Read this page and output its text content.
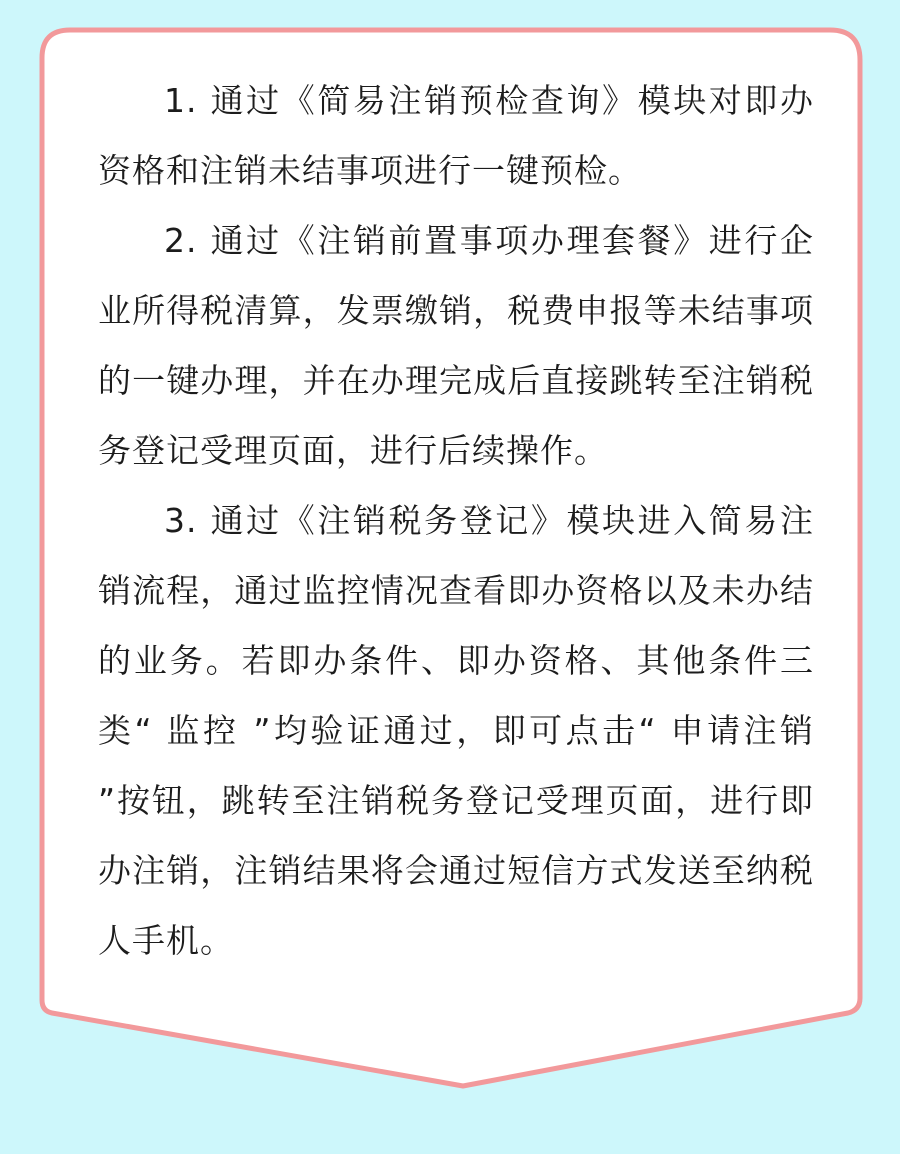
1. 通过《简易注销预检查询》模块对即办资格和注销未结事项进行一键预检。

2. 通过《注销前置事项办理套餐》进行企业所得税清算，发票缴销，税费申报等未结事项的一键办理，并在办理完成后直接跳转至注销税务登记受理页面，进行后续操作。

3. 通过《注销税务登记》模块进入简易注销流程，通过监控情况查看即办资格以及未办结的业务。若即办条件、即办资格、其他条件三类“ 监控 ”均验证通过，即可点击“ 申请注销 ”按钮，跳转至注销税务登记受理页面，进行即办注销，注销结果将会通过短信方式发送至纳税人手机。
